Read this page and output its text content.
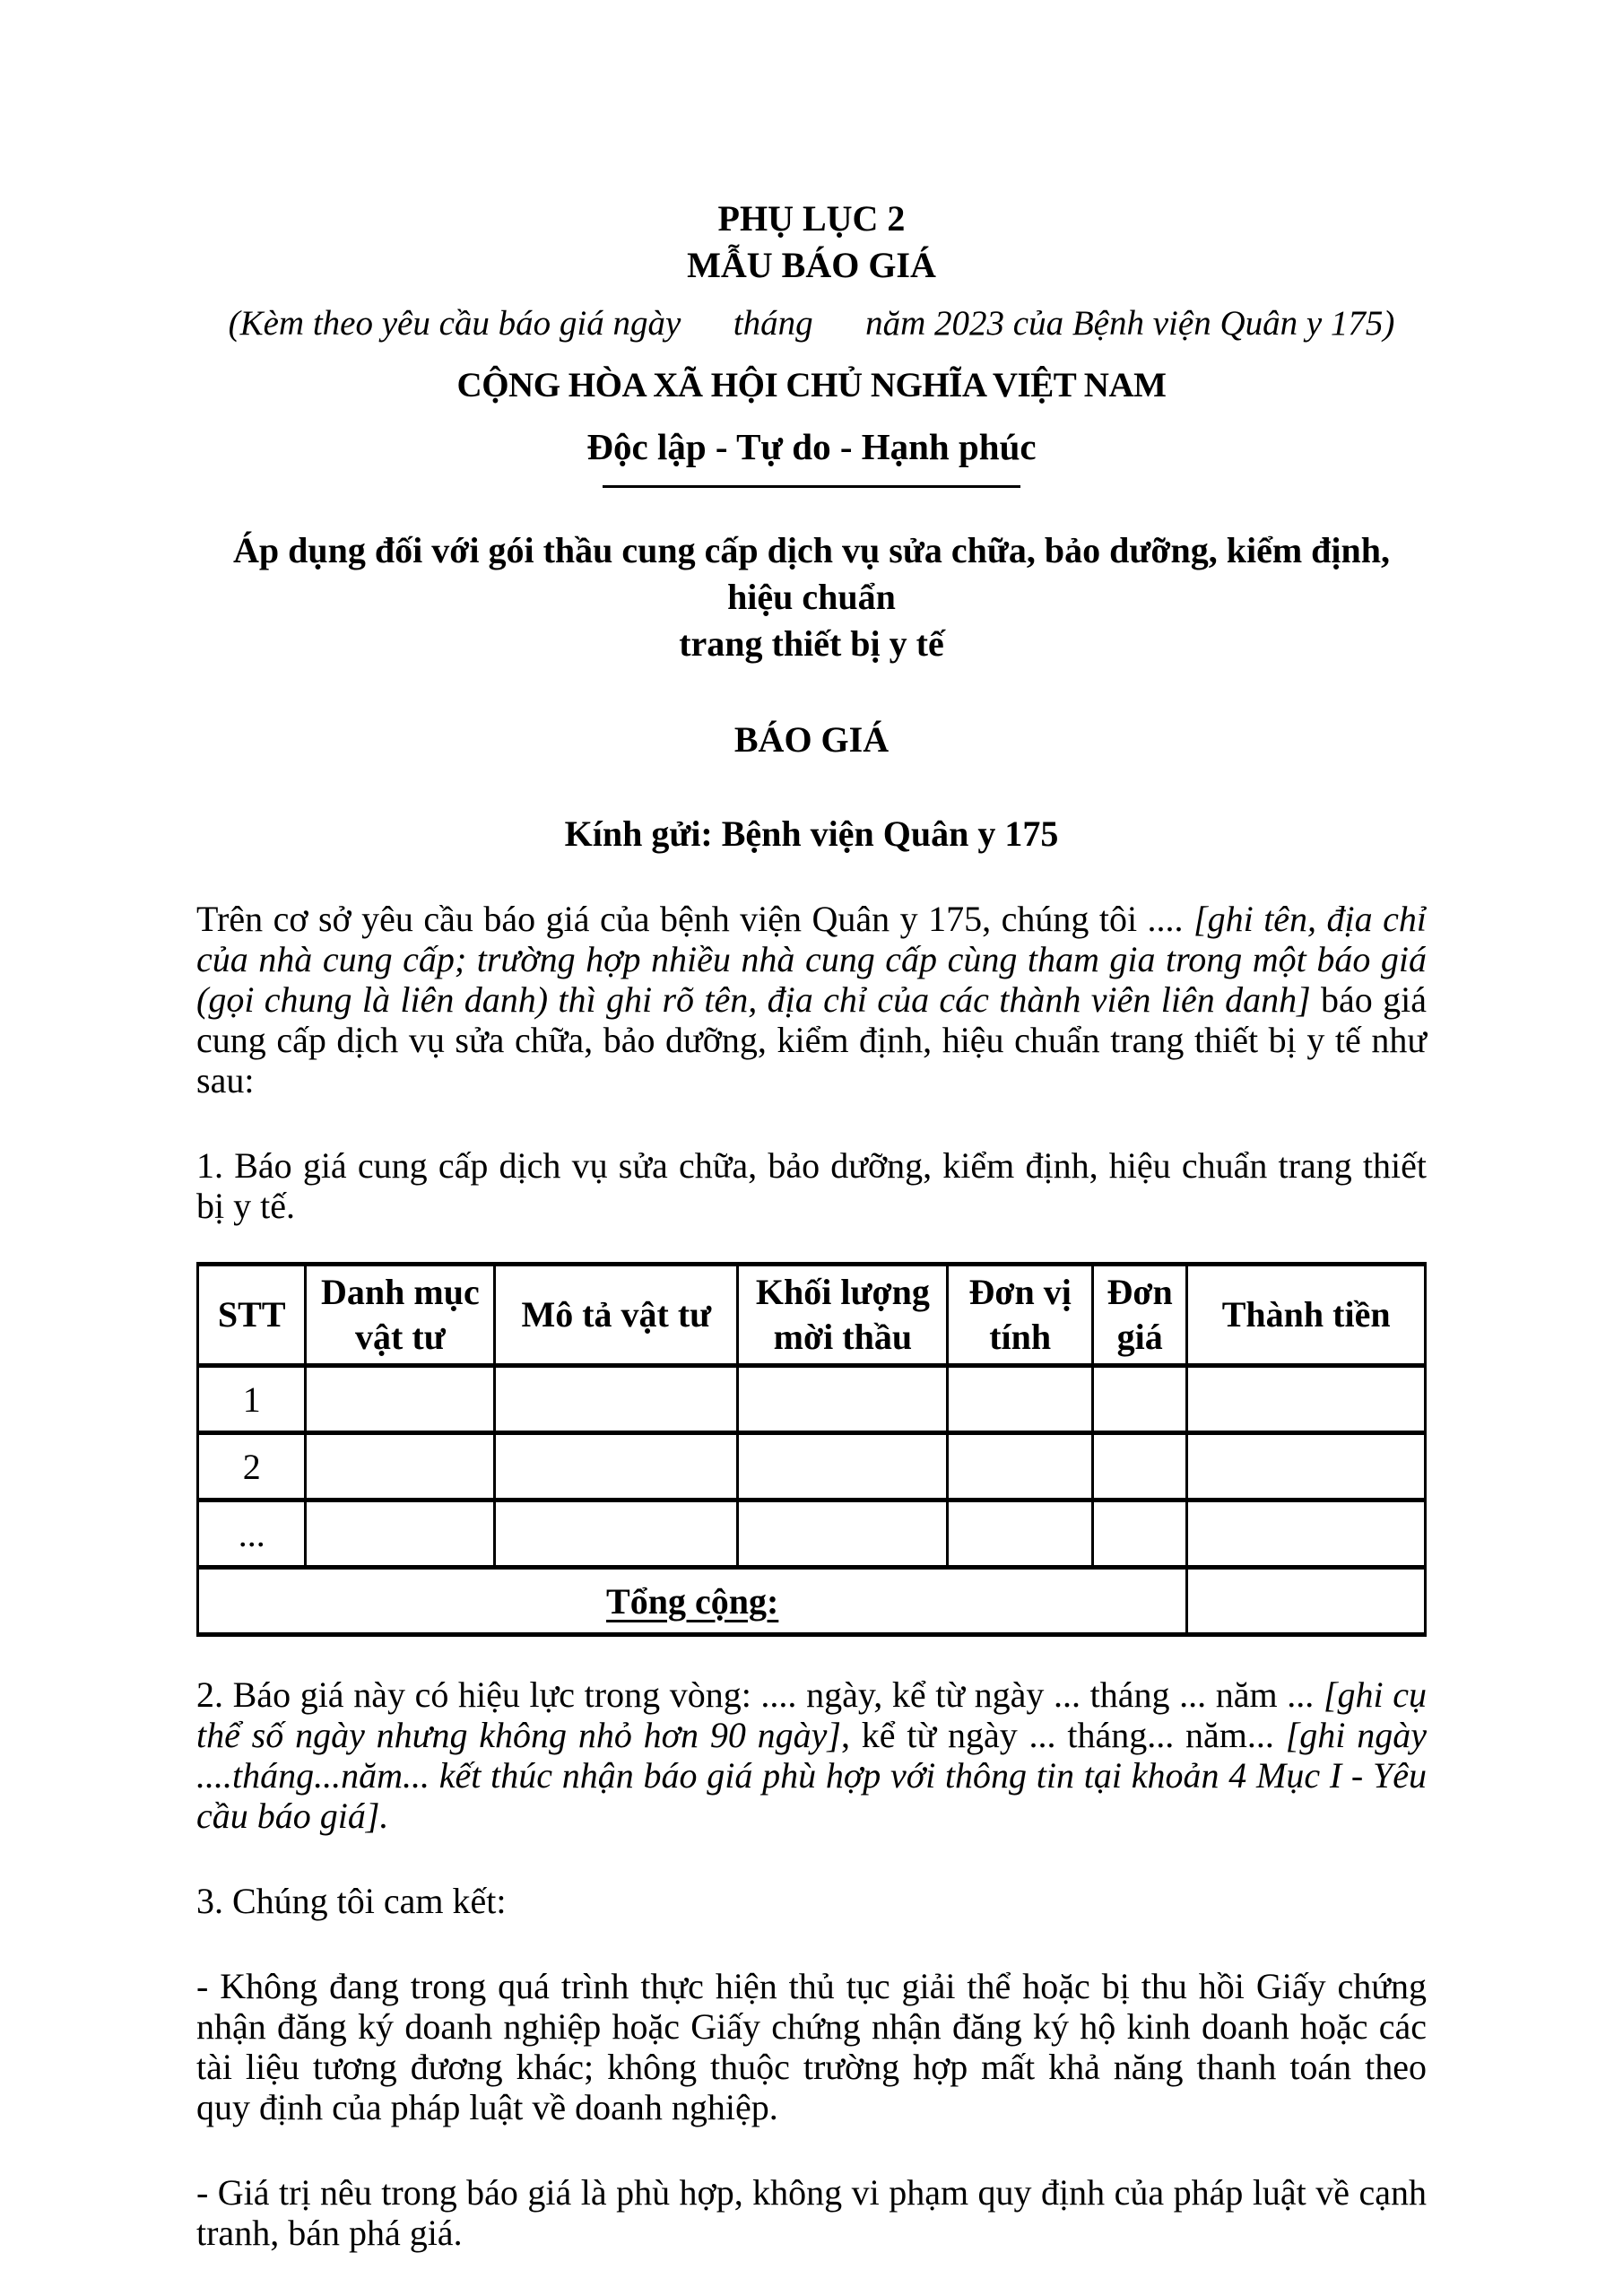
PHỤ LỤC 2
MẪU BÁO GIÁ
(Kèm theo yêu cầu báo giá ngày      tháng      năm 2023 của Bệnh viện Quân y 175)
CỘNG HÒA XÃ HỘI CHỦ NGHĨA VIỆT NAM
Độc lập - Tự do - Hạnh phúc
Áp dụng đối với gói thầu cung cấp dịch vụ sửa chữa, bảo dưỡng, kiểm định, hiệu chuẩn
trang thiết bị y tế
BÁO GIÁ
Kính gửi: Bệnh viện Quân y 175

Trên cơ sở yêu cầu báo giá của bệnh viện Quân y 175, chúng tôi .... [ghi tên, địa chỉ của nhà cung cấp; trường hợp nhiều nhà cung cấp cùng tham gia trong một báo giá (gọi chung là liên danh) thì ghi rõ tên, địa chỉ của các thành viên liên danh] báo giá cung cấp dịch vụ sửa chữa, bảo dưỡng, kiểm định, hiệu chuẩn trang thiết bị y tế như sau:

1. Báo giá cung cấp dịch vụ sửa chữa, bảo dưỡng, kiểm định, hiệu chuẩn trang thiết bị y tế.

STT	Danh mục vật tư	Mô tả vật tư	Khối lượng mời thầu	Đơn vị tính	Đơn giá	Thành tiền
1						
2						
...						
Tổng cộng:						

2. Báo giá này có hiệu lực trong vòng: .... ngày, kể từ ngày ... tháng ... năm ... [ghi cụ thể số ngày nhưng không nhỏ hơn 90 ngày], kể từ ngày ... tháng... năm... [ghi ngày ....tháng...năm... kết thúc nhận báo giá phù hợp với thông tin tại khoản 4 Mục I - Yêu cầu báo giá].

3. Chúng tôi cam kết:

- Không đang trong quá trình thực hiện thủ tục giải thể hoặc bị thu hồi Giấy chứng nhận đăng ký doanh nghiệp hoặc Giấy chứng nhận đăng ký hộ kinh doanh hoặc các tài liệu tương đương khác; không thuộc trường hợp mất khả năng thanh toán theo quy định của pháp luật về doanh nghiệp.

- Giá trị nêu trong báo giá là phù hợp, không vi phạm quy định của pháp luật về cạnh tranh, bán phá giá.
